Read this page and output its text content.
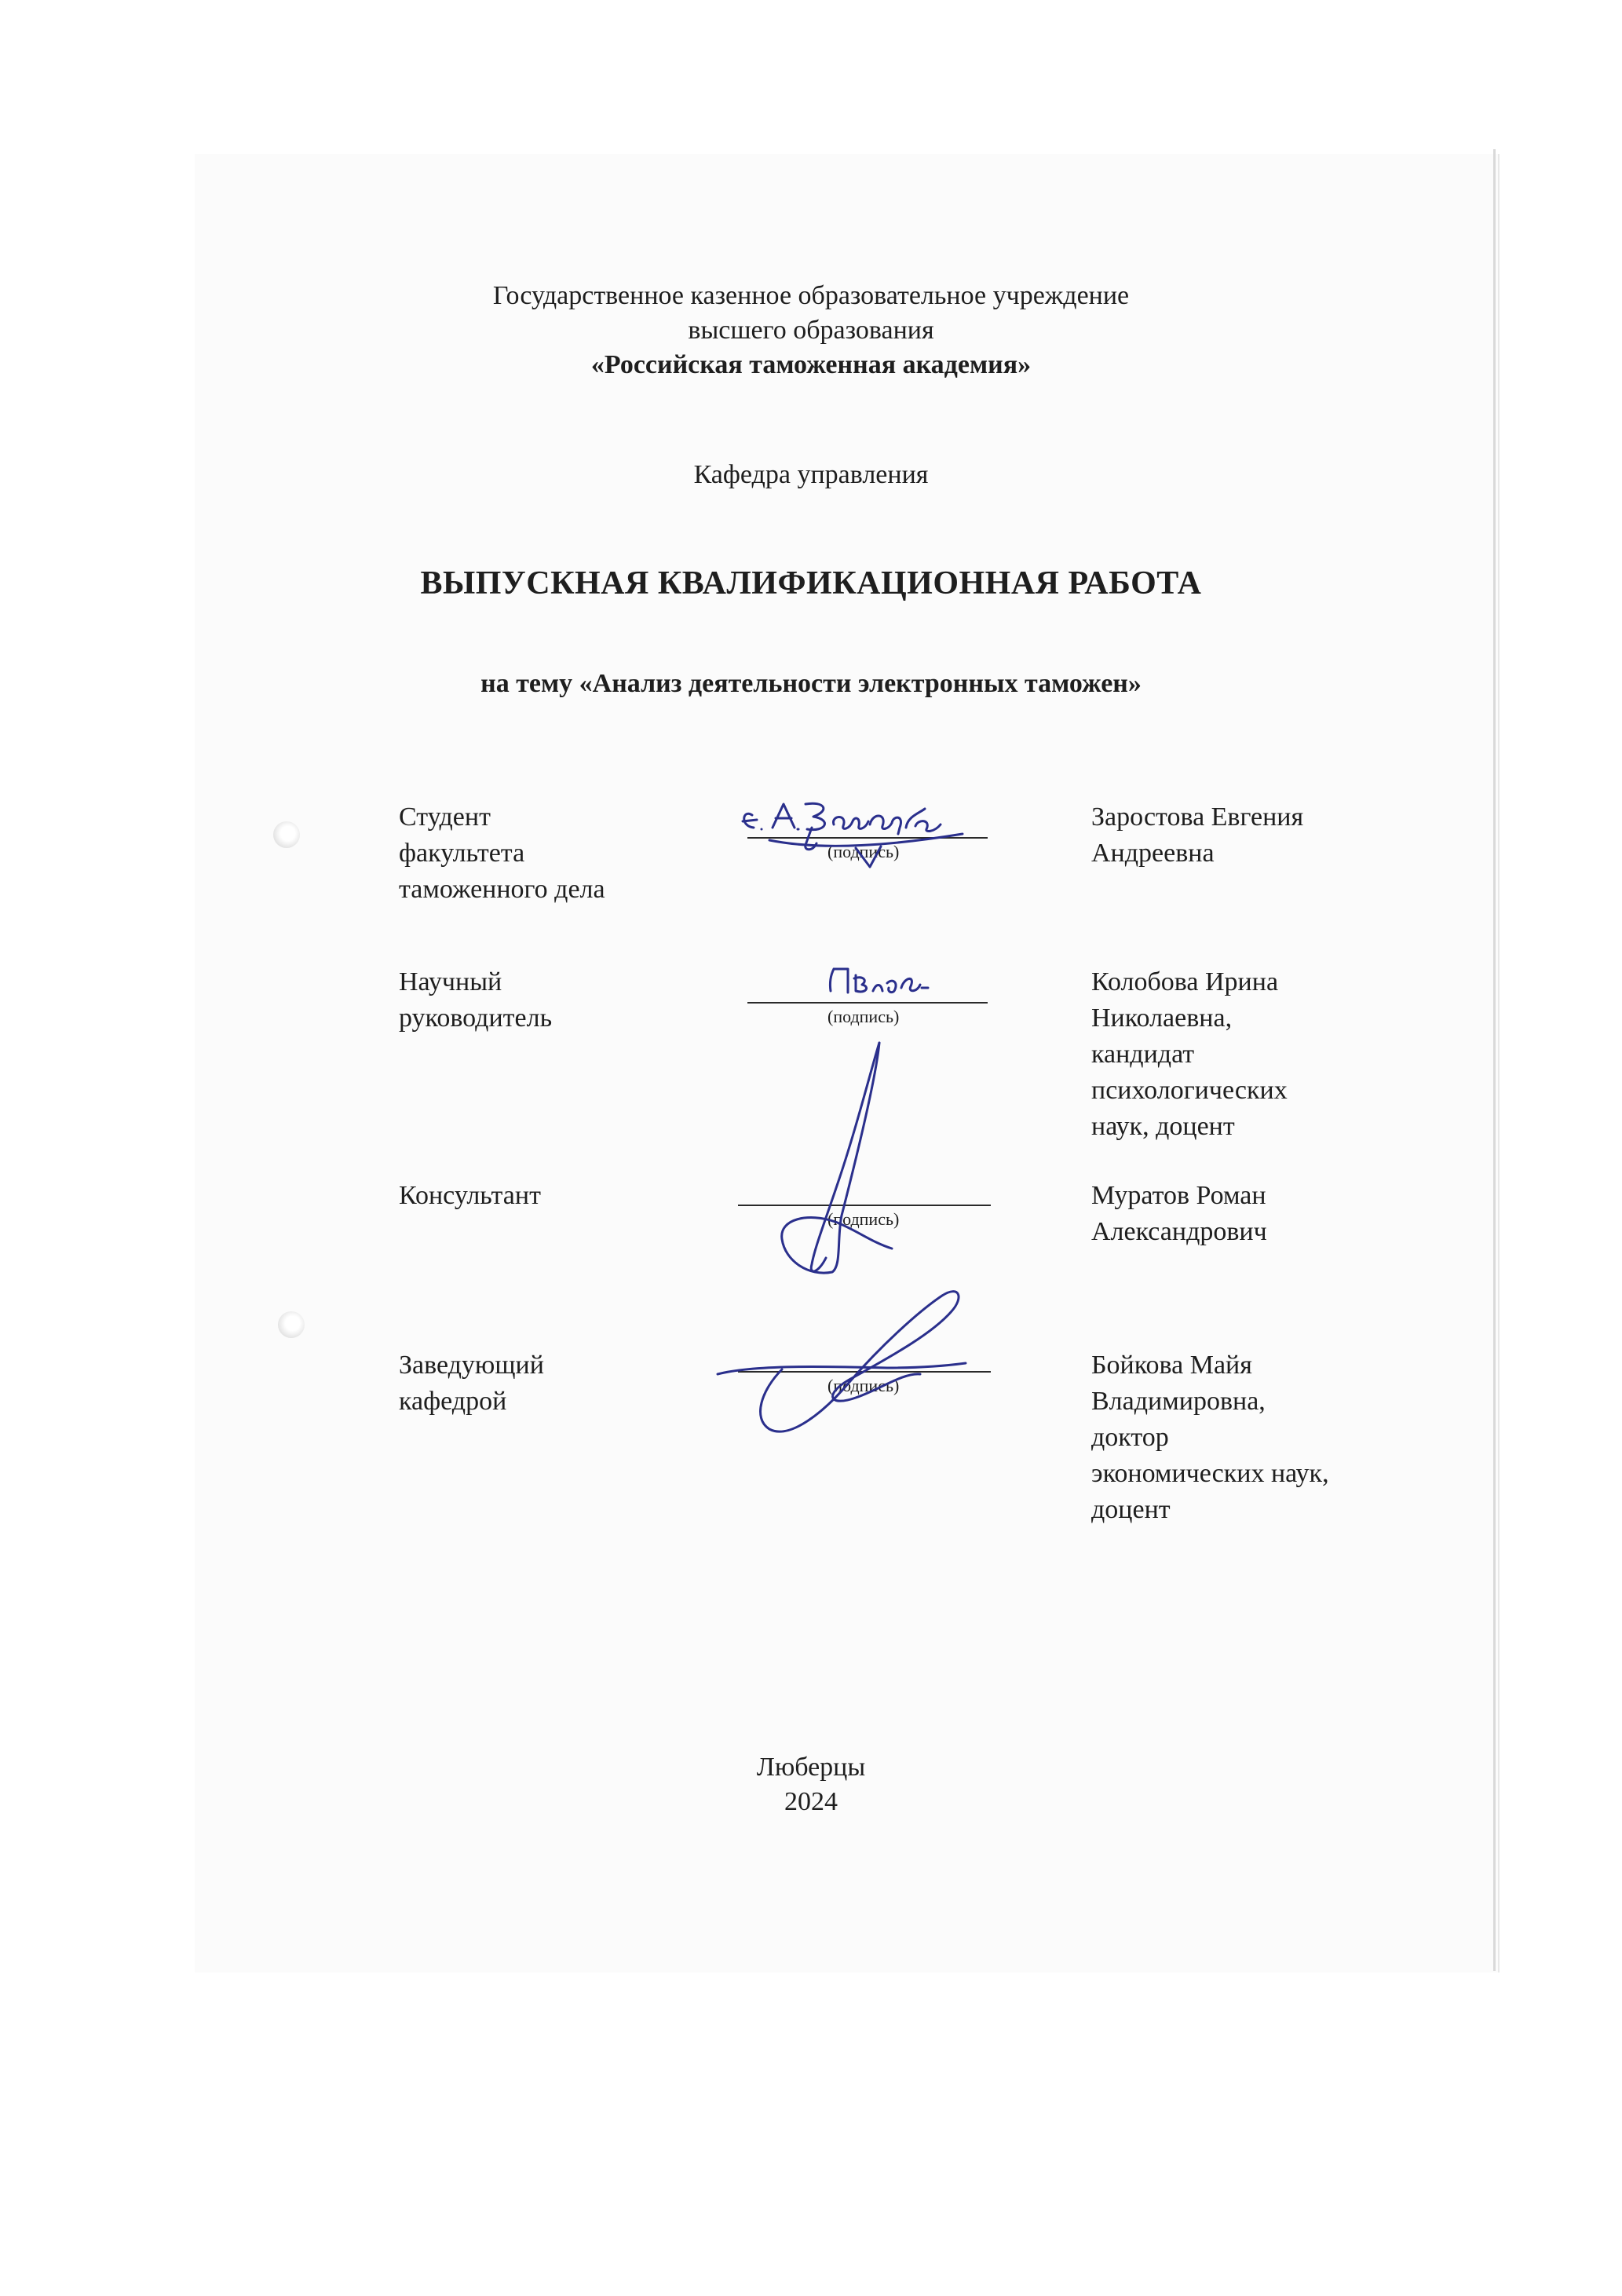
Государственное казенное образовательное учреждение
высшего образования
«Российская таможенная академия»
Кафедра управления
ВЫПУСКНАЯ КВАЛИФИКАЦИОННАЯ РАБОТА
на тему «Анализ деятельности электронных таможен»
Студент
факультета
таможенного дела
(подпись)
Заростова Евгения
Андреевна
Научный
руководитель	(подпись)
Колобова Ирина
Николаевна,
кандидат
психологических
наук, доцент
Консультант
(подпись)
Муратов Роман
Александрович
Заведующий
кафедрой
(подпись)
Бойкова Майя
Владимировна,
доктор
экономических наук,
доцент
Люберцы
2024
